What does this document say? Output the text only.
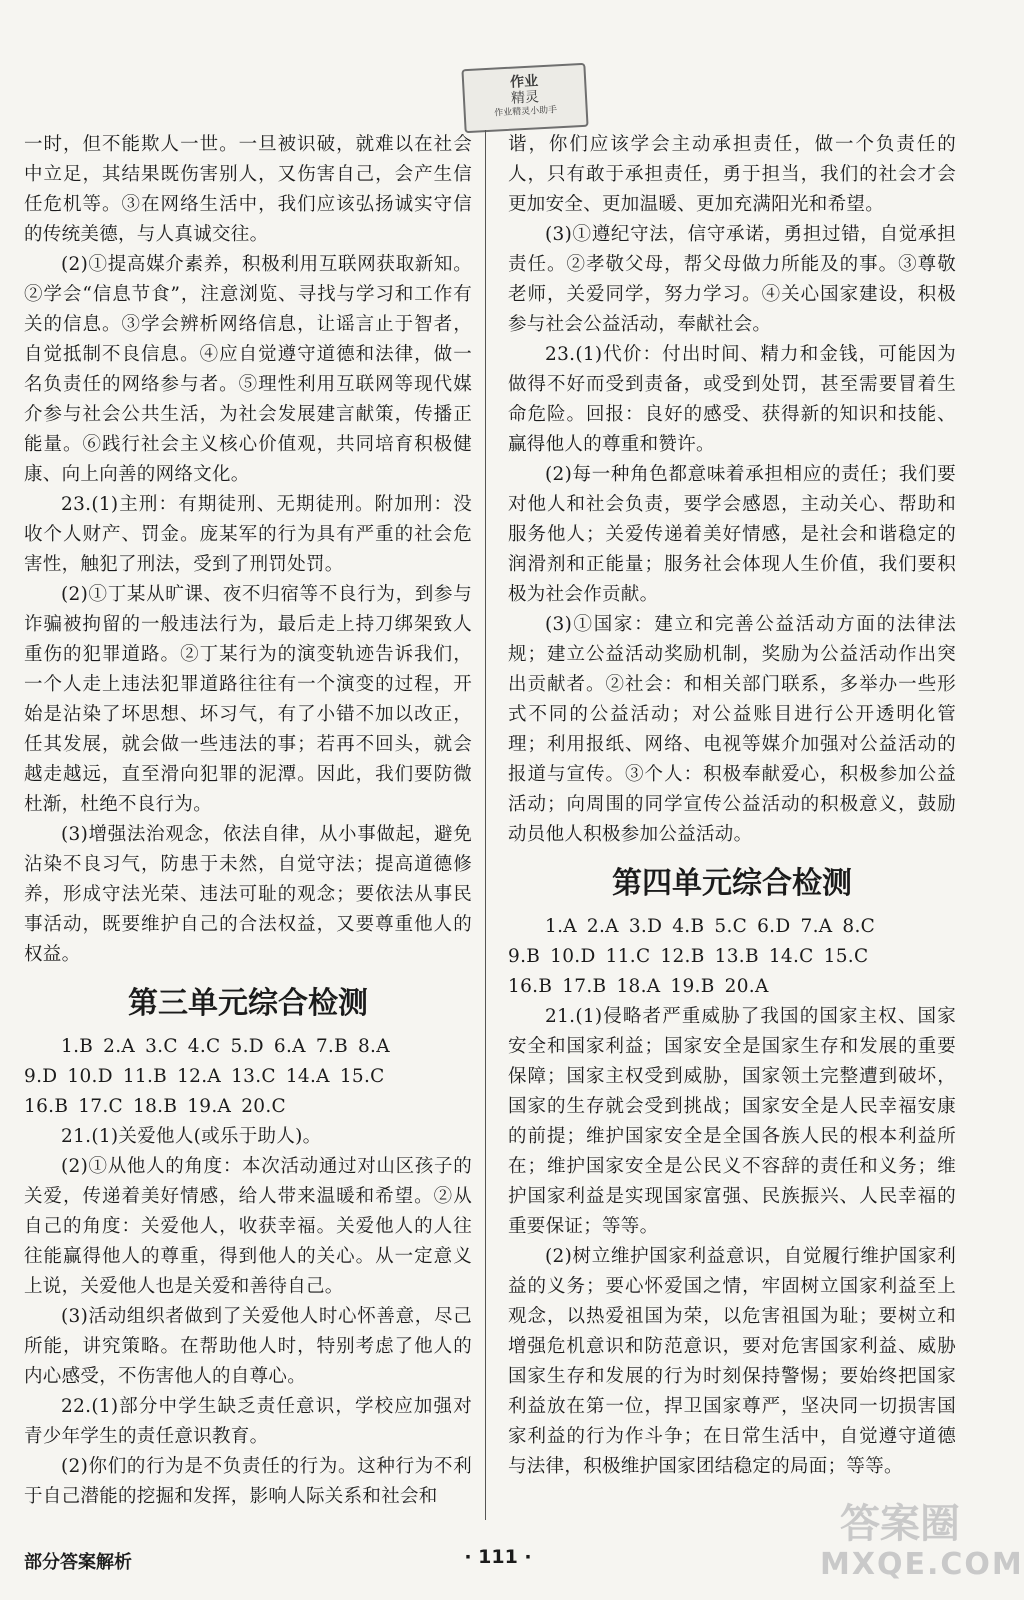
作业
精灵
作业精灵小助手

一时，但不能欺人一世。一旦被识破，就难以在社会中立足，其结果既伤害别人，又伤害自己，会产生信任危机等。③在网络生活中，我们应该弘扬诚实守信的传统美德，与人真诚交往。

(2)①提高媒介素养，积极利用互联网获取新知。②学会“信息节食”，注意浏览、寻找与学习和工作有关的信息。③学会辨析网络信息，让谣言止于智者，自觉抵制不良信息。④应自觉遵守道德和法律，做一名负责任的网络参与者。⑤理性利用互联网等现代媒介参与社会公共生活，为社会发展建言献策，传播正能量。⑥践行社会主义核心价值观，共同培育积极健康、向上向善的网络文化。

23.(1)主刑：有期徒刑、无期徒刑。附加刑：没收个人财产、罚金。庞某军的行为具有严重的社会危害性，触犯了刑法，受到了刑罚处罚。

(2)①丁某从旷课、夜不归宿等不良行为，到参与诈骗被拘留的一般违法行为，最后走上持刀绑架致人重伤的犯罪道路。②丁某行为的演变轨迹告诉我们，一个人走上违法犯罪道路往往有一个演变的过程，开始是沾染了坏思想、坏习气，有了小错不加以改正，任其发展，就会做一些违法的事；若再不回头，就会越走越远，直至滑向犯罪的泥潭。因此，我们要防微杜渐，杜绝不良行为。

(3)增强法治观念，依法自律，从小事做起，避免沾染不良习气，防患于未然，自觉守法；提高道德修养，形成守法光荣、违法可耻的观念；要依法从事民事活动，既要维护自己的合法权益，又要尊重他人的权益。

第三单元综合检测
1.B 2.A 3.C 4.C 5.D 6.A 7.B 8.A
9.D 10.D 11.B 12.A 13.C 14.A 15.C
16.B 17.C 18.B 19.A 20.C

21.(1)关爱他人(或乐于助人)。

(2)①从他人的角度：本次活动通过对山区孩子的关爱，传递着美好情感，给人带来温暖和希望。②从自己的角度：关爱他人，收获幸福。关爱他人的人往往能赢得他人的尊重，得到他人的关心。从一定意义上说，关爱他人也是关爱和善待自己。

(3)活动组织者做到了关爱他人时心怀善意，尽己所能，讲究策略。在帮助他人时，特别考虑了他人的内心感受，不伤害他人的自尊心。

22.(1)部分中学生缺乏责任意识，学校应加强对青少年学生的责任意识教育。

(2)你们的行为是不负责任的行为。这种行为不利于自己潜能的挖掘和发挥，影响人际关系和社会和

谐，你们应该学会主动承担责任，做一个负责任的人，只有敢于承担责任，勇于担当，我们的社会才会更加安全、更加温暖、更加充满阳光和希望。

(3)①遵纪守法，信守承诺，勇担过错，自觉承担责任。②孝敬父母，帮父母做力所能及的事。③尊敬老师，关爱同学，努力学习。④关心国家建设，积极参与社会公益活动，奉献社会。

23.(1)代价：付出时间、精力和金钱，可能因为做得不好而受到责备，或受到处罚，甚至需要冒着生命危险。回报：良好的感受、获得新的知识和技能、赢得他人的尊重和赞许。

(2)每一种角色都意味着承担相应的责任；我们要对他人和社会负责，要学会感恩，主动关心、帮助和服务他人；关爱传递着美好情感，是社会和谐稳定的润滑剂和正能量；服务社会体现人生价值，我们要积极为社会作贡献。

(3)①国家：建立和完善公益活动方面的法律法规；建立公益活动奖励机制，奖励为公益活动作出突出贡献者。②社会：和相关部门联系，多举办一些形式不同的公益活动；对公益账目进行公开透明化管理；利用报纸、网络、电视等媒介加强对公益活动的报道与宣传。③个人：积极奉献爱心，积极参加公益活动；向周围的同学宣传公益活动的积极意义，鼓励动员他人积极参加公益活动。

第四单元综合检测
1.A 2.A 3.D 4.B 5.C 6.D 7.A 8.C
9.B 10.D 11.C 12.B 13.B 14.C 15.C
16.B 17.B 18.A 19.B 20.A

21.(1)侵略者严重威胁了我国的国家主权、国家安全和国家利益；国家安全是国家生存和发展的重要保障；国家主权受到威胁，国家领土完整遭到破坏，国家的生存就会受到挑战；国家安全是人民幸福安康的前提；维护国家安全是全国各族人民的根本利益所在；维护国家安全是公民义不容辞的责任和义务；维护国家利益是实现国家富强、民族振兴、人民幸福的重要保证；等等。

(2)树立维护国家利益意识，自觉履行维护国家利益的义务；要心怀爱国之情，牢固树立国家利益至上观念，以热爱祖国为荣，以危害祖国为耻；要树立和增强危机意识和防范意识，要对危害国家利益、威胁国家生存和发展的行为时刻保持警惕；要始终把国家利益放在第一位，捍卫国家尊严，坚决同一切损害国家利益的行为作斗争；在日常生活中，自觉遵守道德与法律，积极维护国家团结稳定的局面；等等。

部分答案解析	· 111 ·
答案圈
MXQE.COM
